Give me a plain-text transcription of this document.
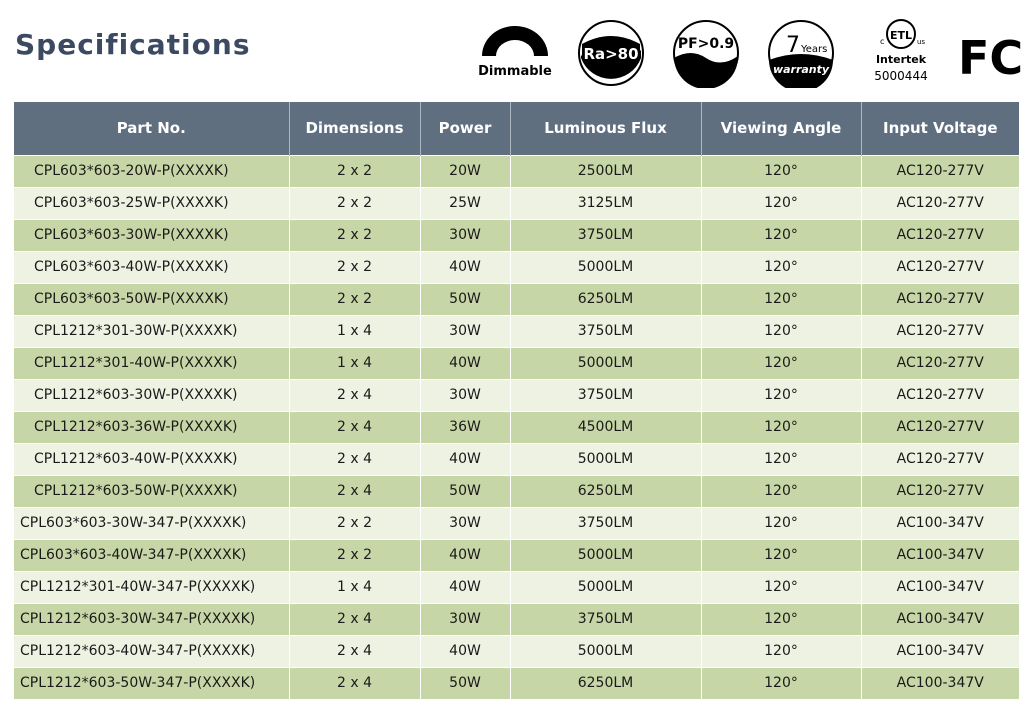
Specifications
Dimmable
Ra>80
PF>0.9 7 Years
warranty
ETL
c	us
Intertek
5000444 FC
Part No.	Dimensions	Power	Luminous Flux	Viewing Angle	Input Voltage
CPL603*603-20W-P(XXXXK)	2 x 2	20W	2500LM	120°	AC120-277V
CPL603*603-25W-P(XXXXK)	2 x 2	25W	3125LM	120°	AC120-277V
CPL603*603-30W-P(XXXXK)	2 x 2	30W	3750LM	120°	AC120-277V
CPL603*603-40W-P(XXXXK)	2 x 2	40W	5000LM	120°	AC120-277V
CPL603*603-50W-P(XXXXK)	2 x 2	50W	6250LM	120°	AC120-277V
CPL1212*301-30W-P(XXXXK)	1 x 4	30W	3750LM	120°	AC120-277V
CPL1212*301-40W-P(XXXXK)	1 x 4	40W	5000LM	120°	AC120-277V
CPL1212*603-30W-P(XXXXK)	2 x 4	30W	3750LM	120°	AC120-277V
CPL1212*603-36W-P(XXXXK)	2 x 4	36W	4500LM	120°	AC120-277V
CPL1212*603-40W-P(XXXXK)	2 x 4	40W	5000LM	120°	AC120-277V
CPL1212*603-50W-P(XXXXK)	2 x 4	50W	6250LM	120°	AC120-277V
CPL603*603-30W-347-P(XXXXK)	2 x 2	30W	3750LM	120°	AC100-347V
CPL603*603-40W-347-P(XXXXK)	2 x 2	40W	5000LM	120°	AC100-347V
CPL1212*301-40W-347-P(XXXXK)	1 x 4	40W	5000LM	120°	AC100-347V
CPL1212*603-30W-347-P(XXXXK)	2 x 4	30W	3750LM	120°	AC100-347V
CPL1212*603-40W-347-P(XXXXK)	2 x 4	40W	5000LM	120°	AC100-347V
CPL1212*603-50W-347-P(XXXXK)	2 x 4	50W	6250LM	120°	AC100-347V
